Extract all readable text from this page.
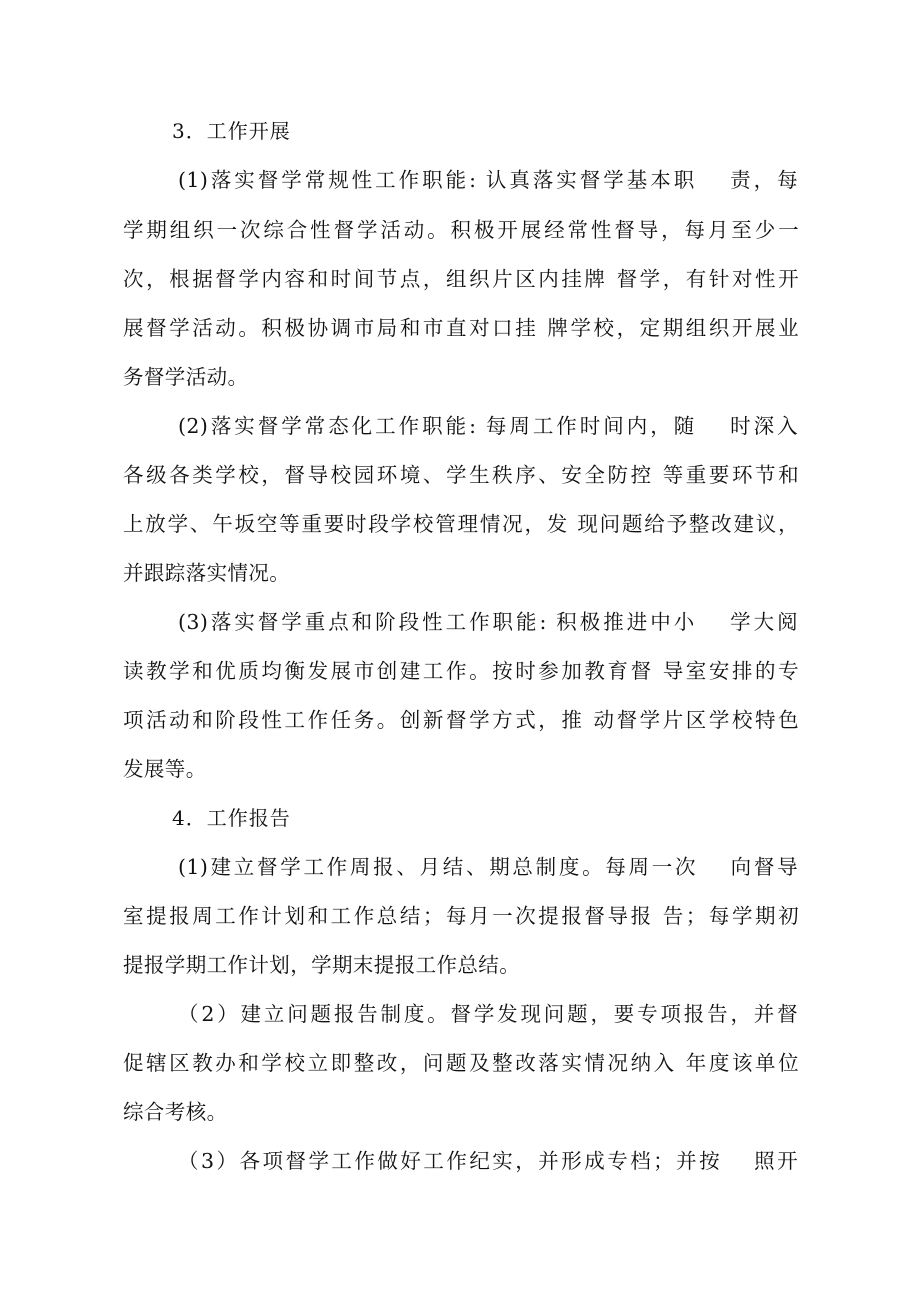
3．工作开展
(1)落实督学常规性工作职能: 认真落实督学基本职　 责，每
学期组织一次综合性督学活动。积极开展经常性督导，每月至少一
次，根据督学内容和时间节点，组织片区内挂牌 督学，有针对性开
展督学活动。积极协调市局和市直对口挂 牌学校，定期组织开展业
务督学活动。
(2)落实督学常态化工作职能: 每周工作时间内，随　 时深入
各级各类学校，督导校园环境、学生秩序、安全防控 等重要环节和
上放学、午坂空等重要时段学校管理情况，发 现问题给予整改建议，
并跟踪落实情况。
(3)落实督学重点和阶段性工作职能: 积极推进中小　 学大阅
读教学和优质均衡发展市创建工作。按时参加教育督 导室安排的专
项活动和阶段性工作任务。创新督学方式，推 动督学片区学校特色
发展等。
4．工作报告
(1)建立督学工作周报、月结、期总制度。每周一次　 向督导
室提报周工作计划和工作总结；每月一次提报督导报 告；每学期初
提报学期工作计划，学期末提报工作总结。
（2）建立问题报告制度。督学发现问题，要专项报告，并督
促辖区教办和学校立即整改，问题及整改落实情况纳入 年度该单位
综合考核。
（3）各项督学工作做好工作纪实，并形成专档；并按　 照开
